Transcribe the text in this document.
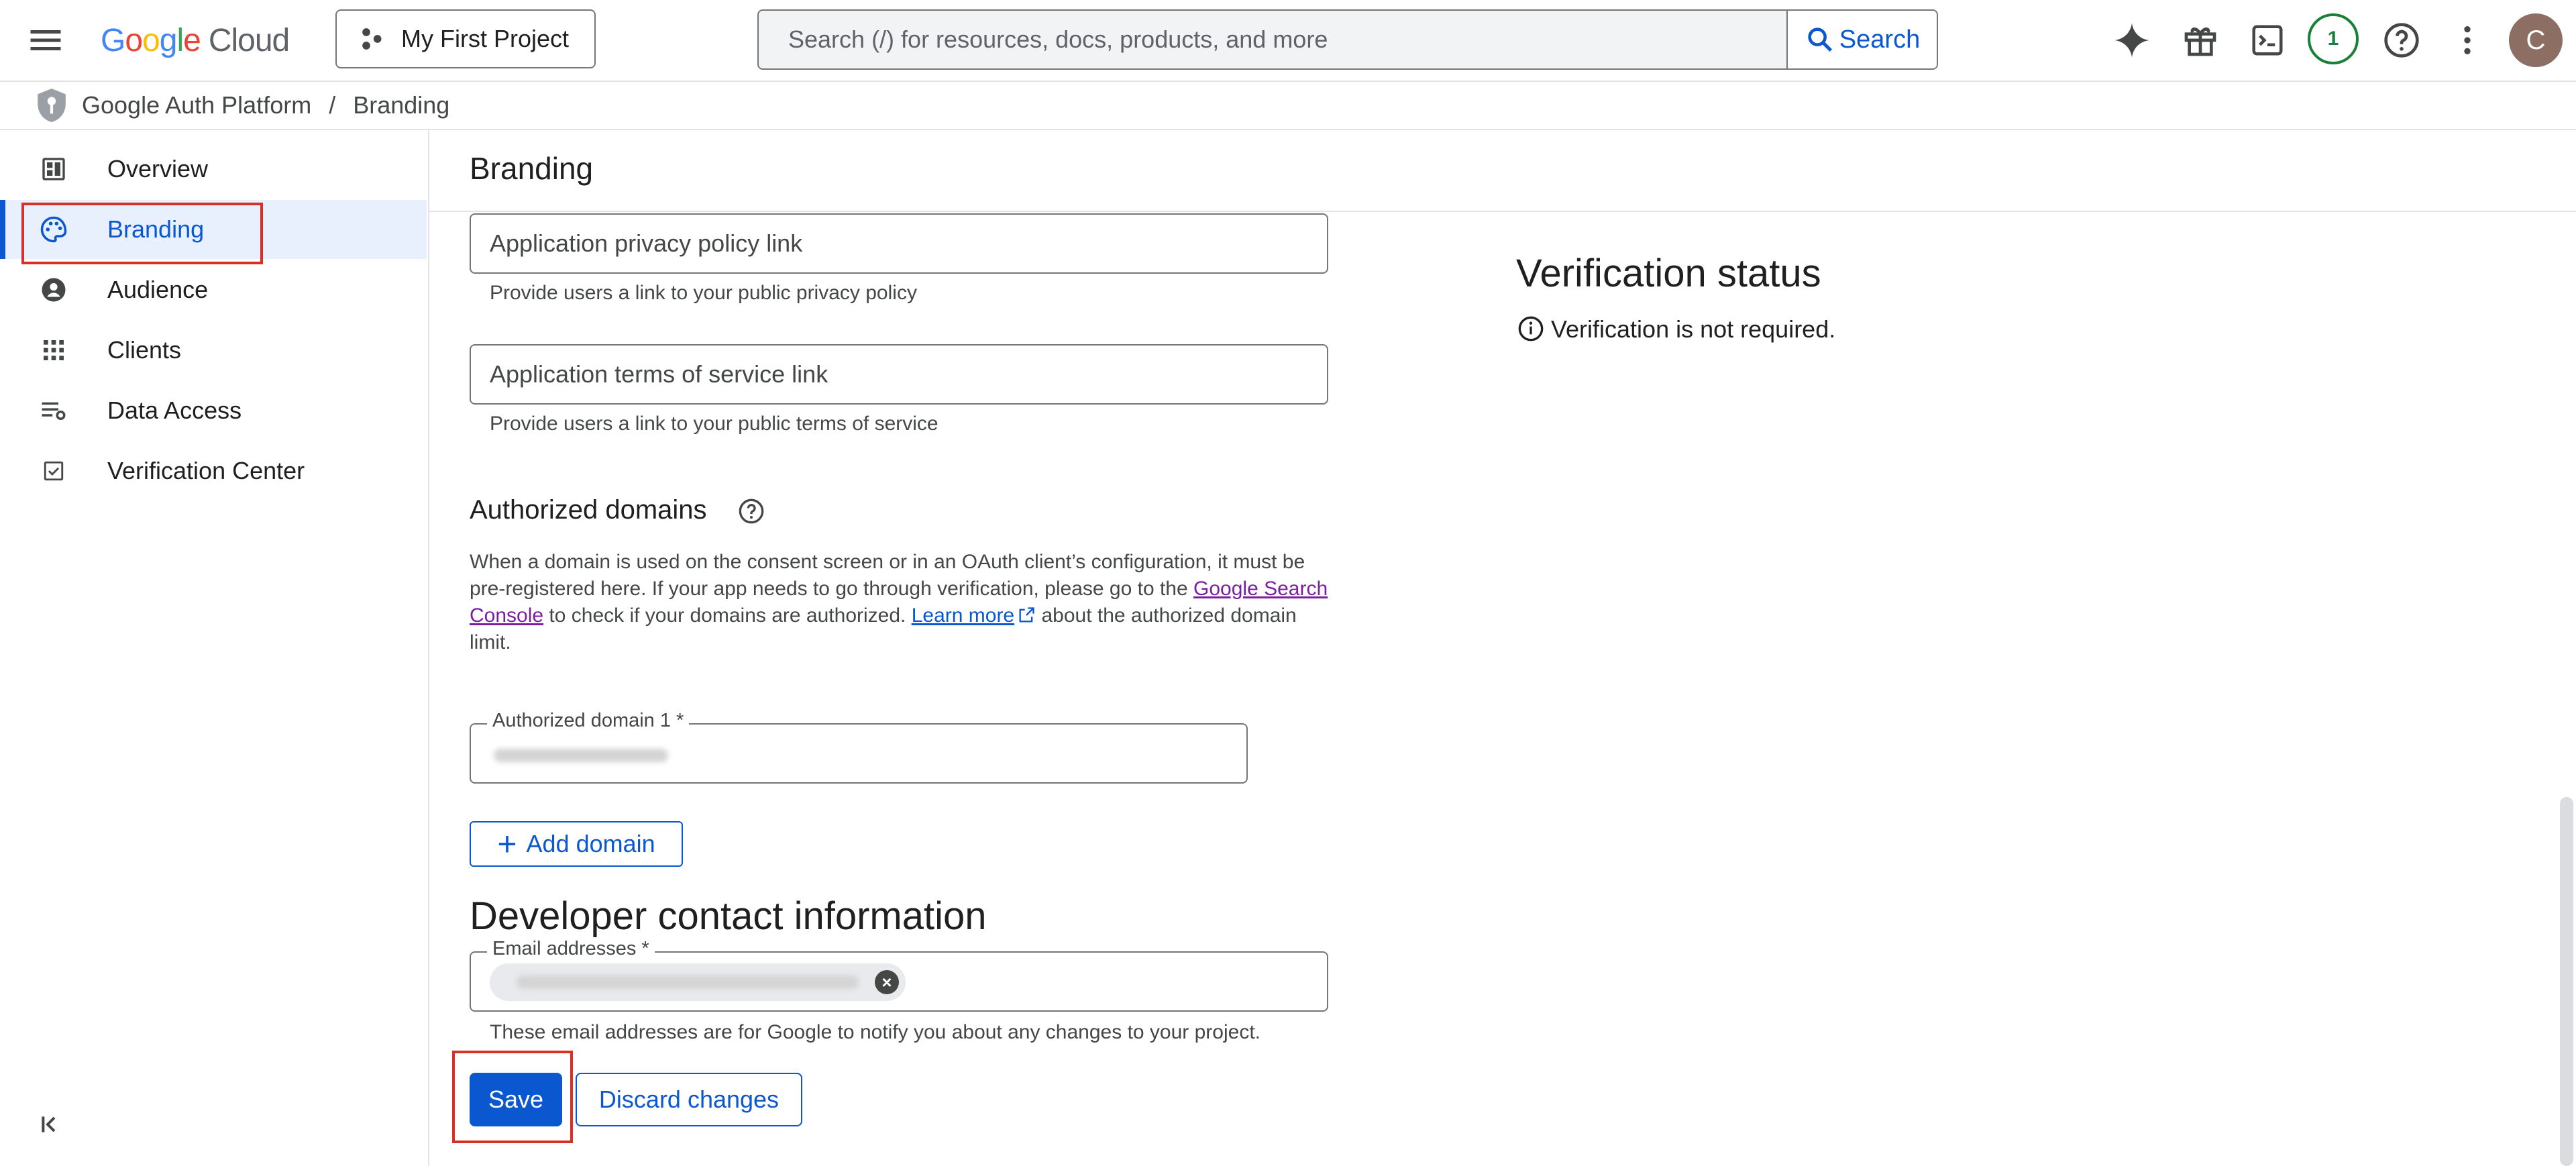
Google Cloud	My First Project
Search (/) for resources, docs, products, and more	Search	1	C
Google Auth Platform / Branding
Overview
Branding
Audience
Clients
Data Access
Verification Center
Branding
Application privacy policy link
Provide users a link to your public privacy policy
Application terms of service link
Provide users a link to your public terms of service
Authorized domains
When a domain is used on the consent screen or in an OAuth client’s configuration, it must be pre-registered here. If your app needs to go through verification, please go to the Google Search Console to check if your domains are authorized. Learn more about the authorized domain limit.
Authorized domain 1 *
+ Add domain
Developer contact information
Email addresses *
×
These email addresses are for Google to notify you about any changes to your project.
Save	Discard changes
Verification status
Verification is not required.
